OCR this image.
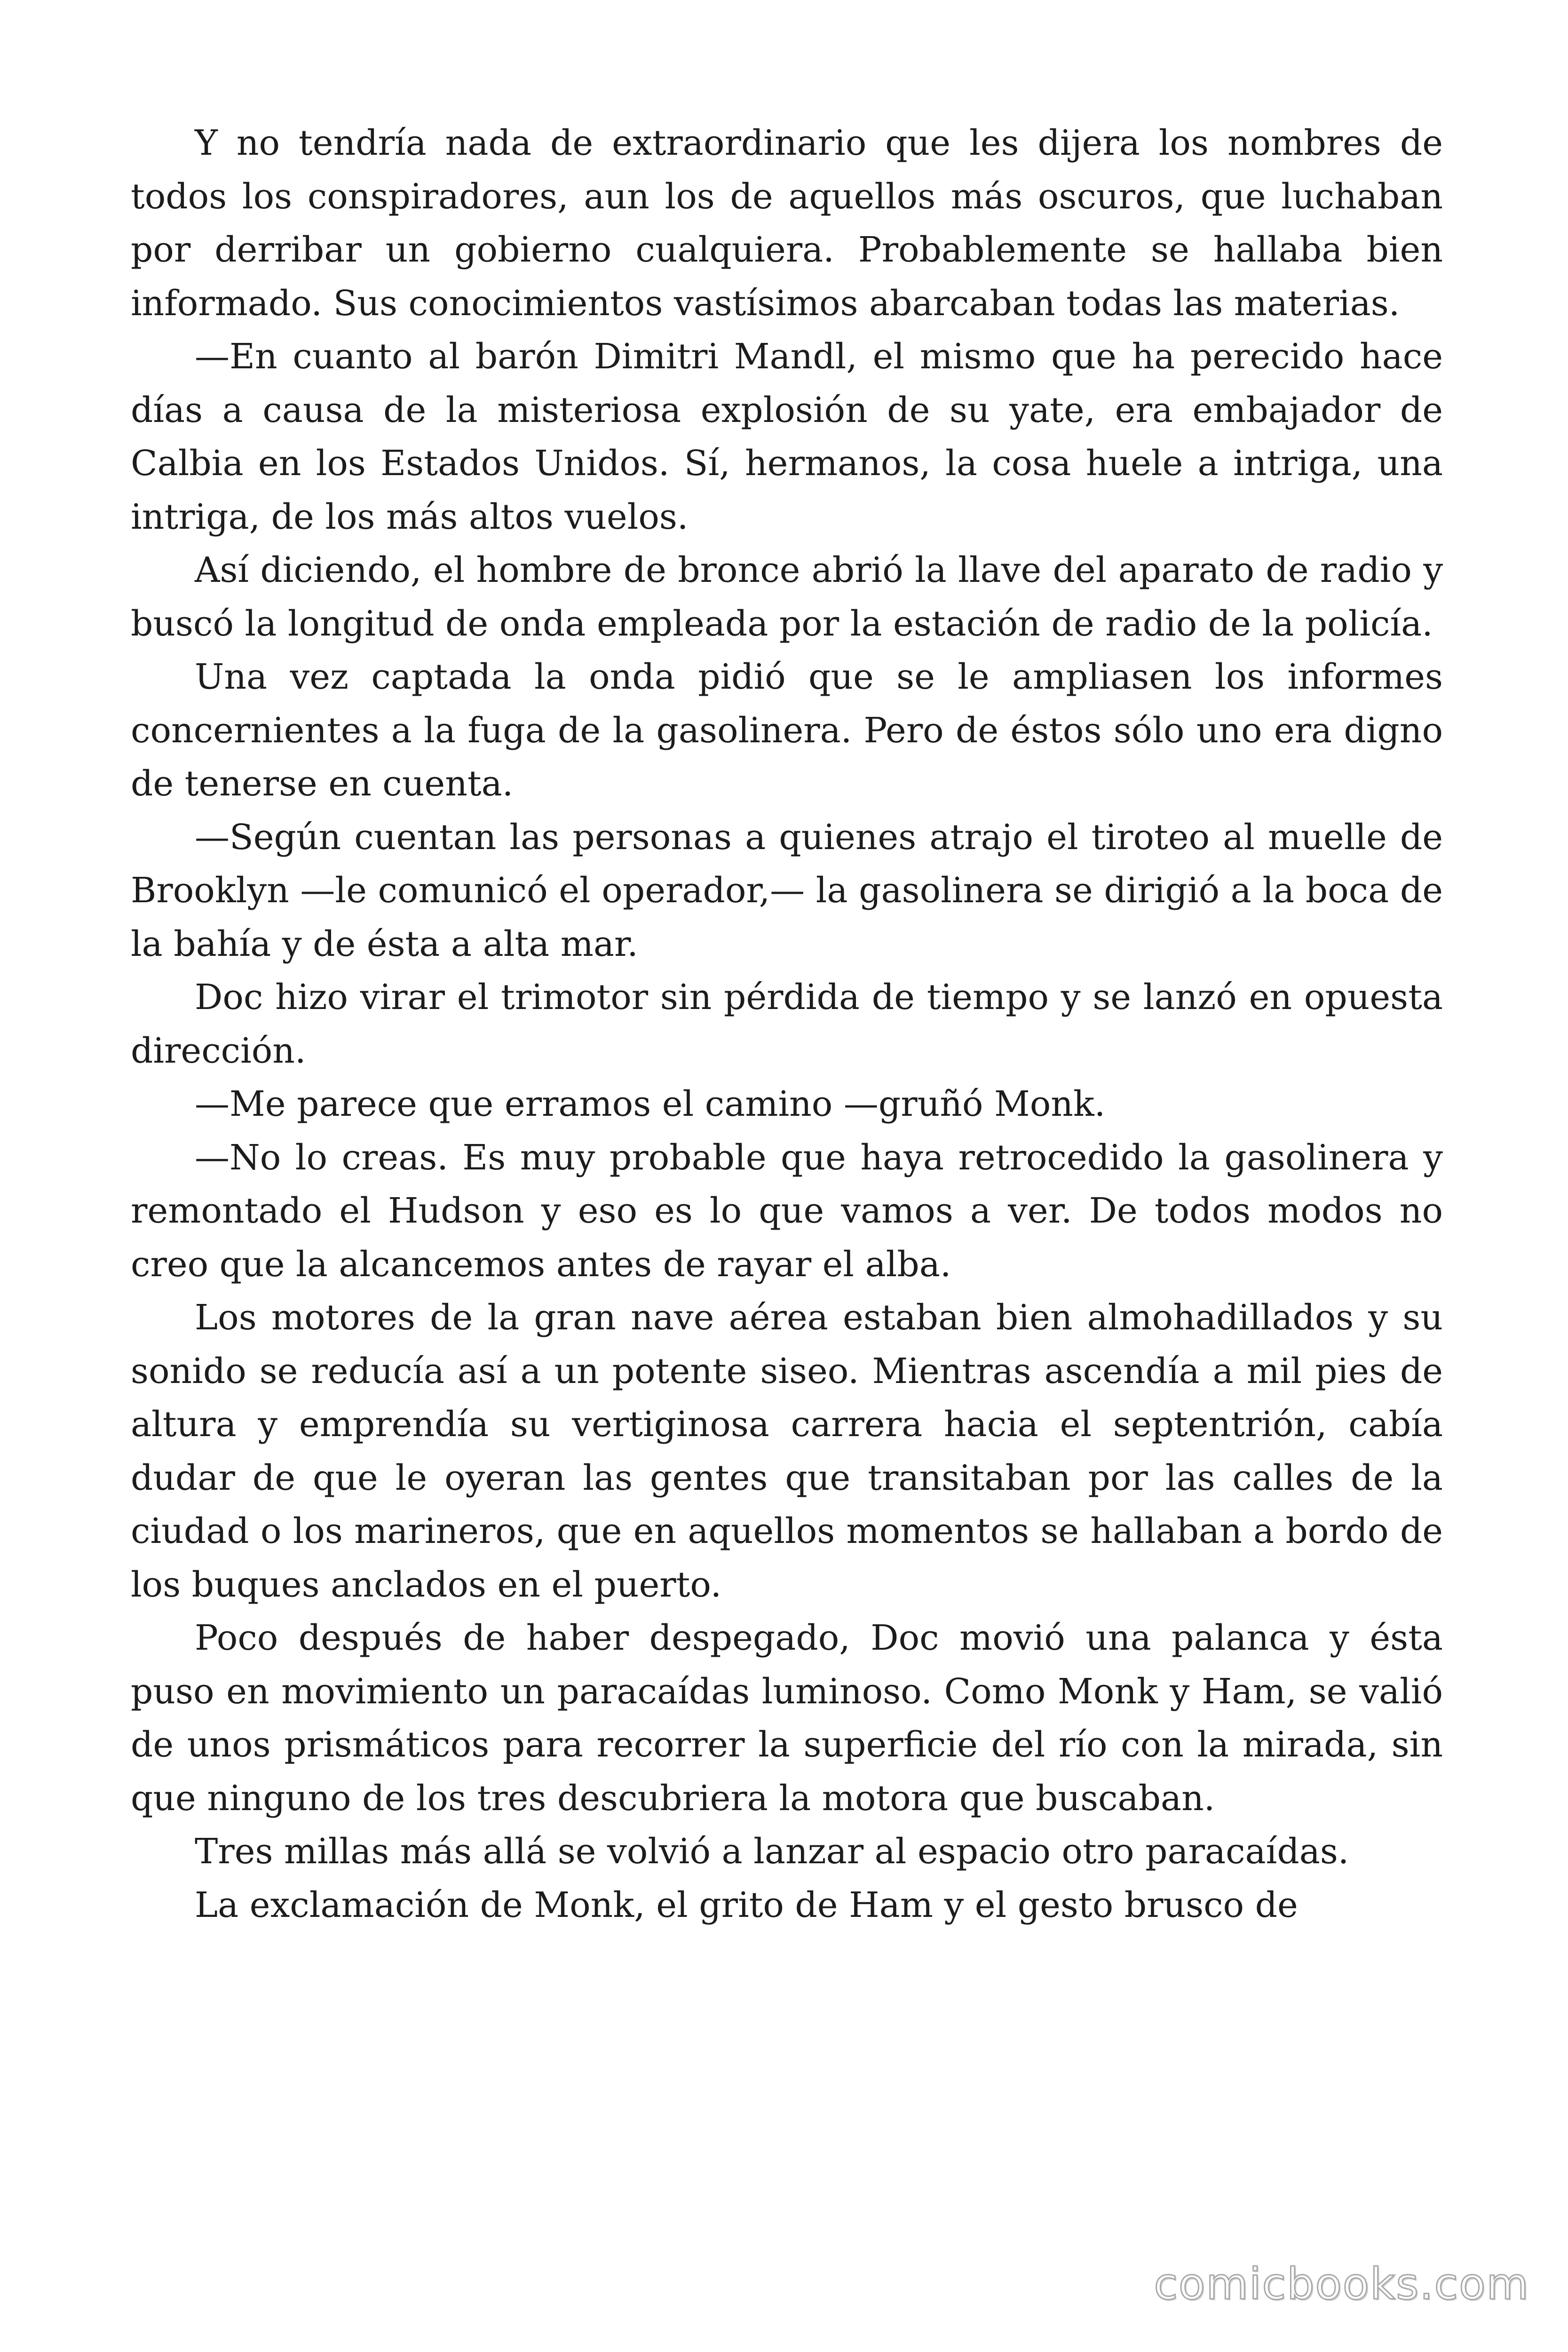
Y no tendría nada de extraordinario que les dijera los nombres de todos los conspiradores, aun los de aquellos más oscuros, que luchaban por derribar un gobierno cualquiera. Probablemente se hallaba bien informado. Sus conocimientos vastísimos abarcaban todas las materias.

—En cuanto al barón Dimitri Mandl, el mismo que ha perecido hace días a causa de la misteriosa explosión de su yate, era embajador de Calbia en los Estados Unidos. Sí, hermanos, la cosa huele a intriga, una intriga, de los más altos vuelos.

Así diciendo, el hombre de bronce abrió la llave del aparato de radio y buscó la longitud de onda empleada por la estación de radio de la policía.

Una vez captada la onda pidió que se le ampliasen los informes concernientes a la fuga de la gasolinera. Pero de éstos sólo uno era digno de tenerse en cuenta.

—Según cuentan las personas a quienes atrajo el tiroteo al muelle de Brooklyn —le comunicó el operador,— la gasolinera se dirigió a la boca de la bahía y de ésta a alta mar.

Doc hizo virar el trimotor sin pérdida de tiempo y se lanzó en opuesta dirección.

—Me parece que erramos el camino —gruñó Monk.

—No lo creas. Es muy probable que haya retrocedido la gasolinera y remontado el Hudson y eso es lo que vamos a ver. De todos modos no creo que la alcancemos antes de rayar el alba.

Los motores de la gran nave aérea estaban bien almohadillados y su sonido se reducía así a un potente siseo. Mientras ascendía a mil pies de altura y emprendía su vertiginosa carrera hacia el septentrión, cabía dudar de que le oyeran las gentes que transitaban por las calles de la ciudad o los marineros, que en aquellos momentos se hallaban a bordo de los buques anclados en el puerto.

Poco después de haber despegado, Doc movió una palanca y ésta puso en movimiento un paracaídas luminoso. Como Monk y Ham, se valió de unos prismáticos para recorrer la superficie del río con la mirada, sin que ninguno de los tres descubriera la motora que buscaban.

Tres millas más allá se volvió a lanzar al espacio otro paracaídas.

La exclamación de Monk, el grito de Ham y el gesto brusco de

comicbooks.com
